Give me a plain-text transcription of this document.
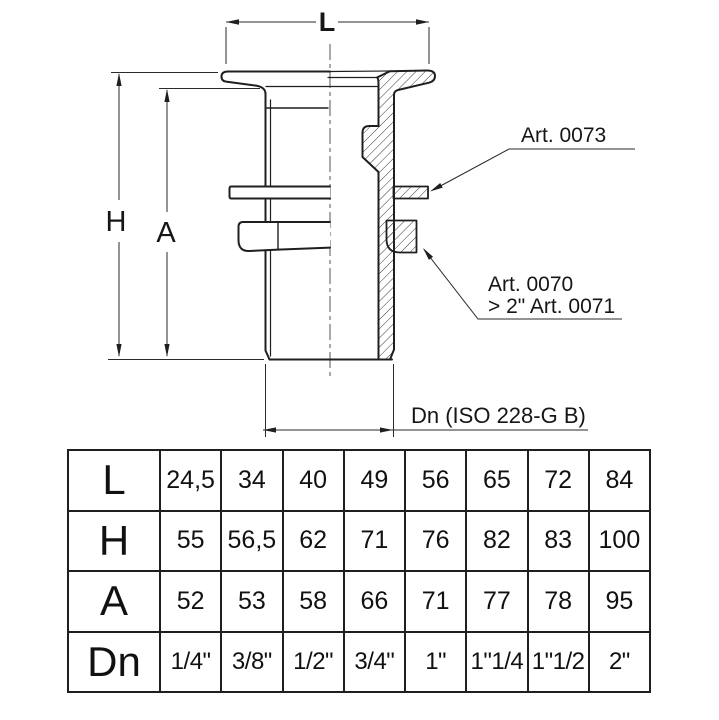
L
H A
Dn (ISO 228-G B)
Art. 0073
Art. 0070
> 2" Art. 0071
L	24,5	34	40	49	56	65	72	84
H	55	56,5	62	71	76	82	83	100
A	52	53	58	66	71	77	78	95
Dn	1/4"	3/8"	1/2"	3/4"	1"	1"1/4	1"1/2	2"
